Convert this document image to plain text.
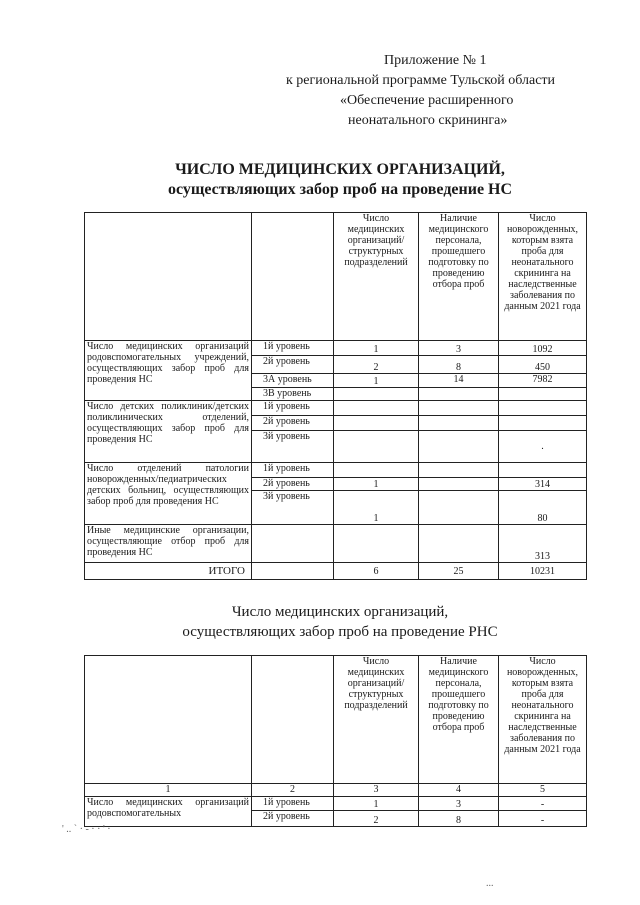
Приложение № 1
к региональной программе Тульской области
«Обеспечение расширенного
неонатального скрининга»
ЧИСЛО МЕДИЦИНСКИХ ОРГАНИЗАЦИЙ,
осуществляющих забор проб на проведение НС
		Число медицинских организаций/ структурных подразделений	Наличие медицинского персонала, прошедшего подготовку по проведению отбора проб	Число новорожденных, которым взята проба для неонатального скрининга на наследственные заболевания по данным 2021 года
Число медицинских организаций родовспомогательных учреждений, осуществляющих забор проб для проведения НС	1й уровень	1	3	1092
	2й уровень	2	8	450
	3А уровень	1	14	7982
	3В уровень			
Число детских поликлиник/детских поликлинических отделений, осуществляющих забор проб для проведения НС	1й уровень			
	2й уровень			
	3й уровень			.
Число отделений патологии новорожденных/педиатрических детских больниц, осуществляющих забор проб для проведения НС	1й уровень			
	2й уровень	1		314
	3й уровень	1		80
Иные медицинские организации, осуществляющие отбор проб для проведения НС				313
ИТОГО		6	25	10231
Число медицинских организаций,
осуществляющих забор проб на проведение РНС
		Число медицинских организаций/ структурных подразделений	Наличие медицинского персонала, прошедшего подготовку по проведению отбора проб	Число новорожденных, которым взята проба для неонатального скрининга на наследственные заболевания по данным 2021 года
1	2	3	4	5
Число медицинских организаций родовспомогательных	1й уровень	1	3	-
	2й уровень	2	8	-
' .. ` · - · · ' ·
...
